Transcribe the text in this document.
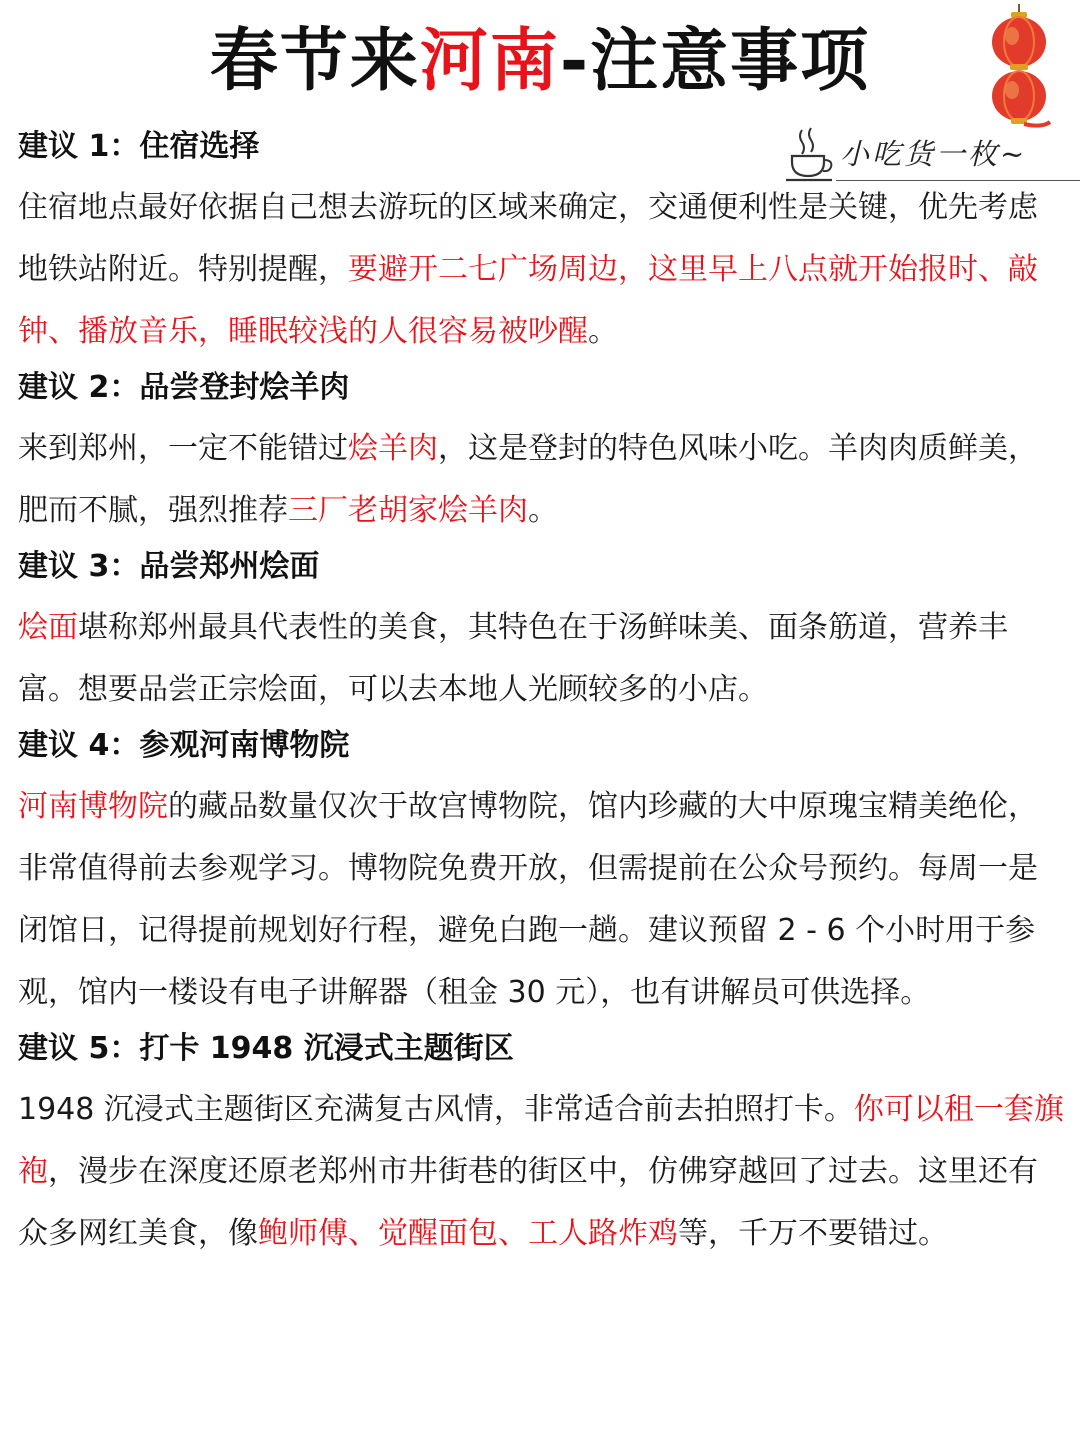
春节来河南-注意事项
小吃货一枚~
建议 1：住宿选择
住宿地点最好依据自己想去游玩的区域来确定，交通便利性是关键，优先考虑地铁站附近。特别提醒，要避开二七广场周边，这里早上八点就开始报时、敲钟、播放音乐，睡眠较浅的人很容易被吵醒。
建议 2：品尝登封烩羊肉
来到郑州，一定不能错过烩羊肉，这是登封的特色风味小吃。羊肉肉质鲜美，肥而不腻，强烈推荐三厂老胡家烩羊肉。
建议 3：品尝郑州烩面
烩面堪称郑州最具代表性的美食，其特色在于汤鲜味美、面条筋道，营养丰富。想要品尝正宗烩面，可以去本地人光顾较多的小店。
建议 4：参观河南博物院
河南博物院的藏品数量仅次于故宫博物院，馆内珍藏的大中原瑰宝精美绝伦，非常值得前去参观学习。博物院免费开放，但需提前在公众号预约。每周一是闭馆日，记得提前规划好行程，避免白跑一趟。建议预留 2 - 6 个小时用于参观，馆内一楼设有电子讲解器（租金 30 元），也有讲解员可供选择。
建议 5：打卡 1948 沉浸式主题街区
1948 沉浸式主题街区充满复古风情，非常适合前去拍照打卡。你可以租一套旗袍，漫步在深度还原老郑州市井街巷的街区中，仿佛穿越回了过去。这里还有众多网红美食，像鲍师傅、觉醒面包、工人路炸鸡等，千万不要错过。
